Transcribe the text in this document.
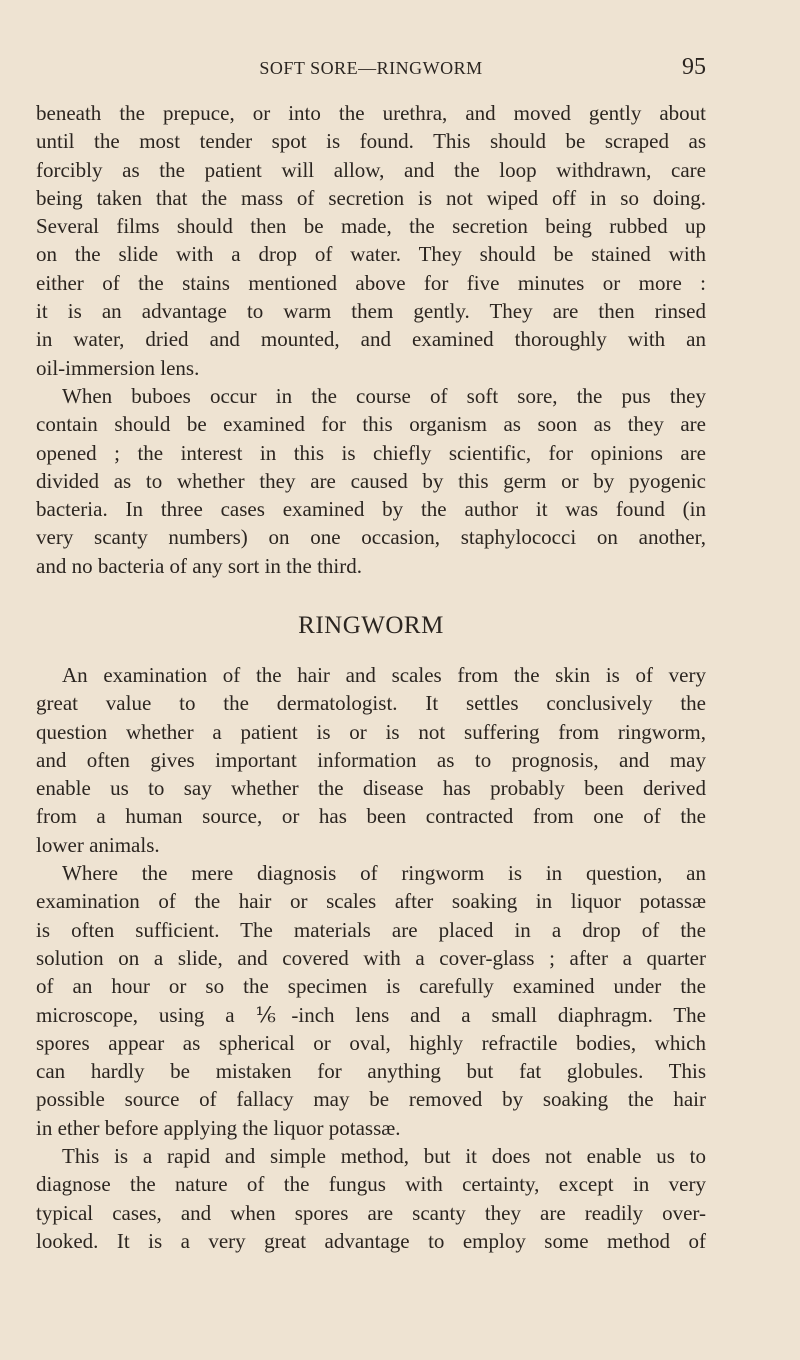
SOFT SORE—RINGWORM	95
beneath the prepuce, or into the urethra, and moved gently about
until the most tender spot is found. This should be scraped as
forcibly as the patient will allow, and the loop withdrawn, care
being taken that the mass of secretion is not wiped off in so doing.
Several films should then be made, the secretion being rubbed up
on the slide with a drop of water. They should be stained with
either of the stains mentioned above for five minutes or more :
it is an advantage to warm them gently. They are then rinsed
in water, dried and mounted, and examined thoroughly with an
oil-immersion lens.
When buboes occur in the course of soft sore, the pus they
contain should be examined for this organism as soon as they are
opened ; the interest in this is chiefly scientific, for opinions are
divided as to whether they are caused by this germ or by pyogenic
bacteria. In three cases examined by the author it was found (in
very scanty numbers) on one occasion, staphylococci on another,
and no bacteria of any sort in the third.
RINGWORM
An examination of the hair and scales from the skin is of very
great value to the dermatologist. It settles conclusively the
question whether a patient is or is not suffering from ringworm,
and often gives important information as to prognosis, and may
enable us to say whether the disease has probably been derived
from a human source, or has been contracted from one of the
lower animals.
Where the mere diagnosis of ringworm is in question, an
examination of the hair or scales after soaking in liquor potassæ
is often sufficient. The materials are placed in a drop of the
solution on a slide, and covered with a cover-glass ; after a quarter
of an hour or so the specimen is carefully examined under the
microscope, using a ⅙-inch lens and a small diaphragm. The
spores appear as spherical or oval, highly refractile bodies, which
can hardly be mistaken for anything but fat globules. This
possible source of fallacy may be removed by soaking the hair
in ether before applying the liquor potassæ.
This is a rapid and simple method, but it does not enable us to
diagnose the nature of the fungus with certainty, except in very
typical cases, and when spores are scanty they are readily over-
looked. It is a very great advantage to employ some method of
